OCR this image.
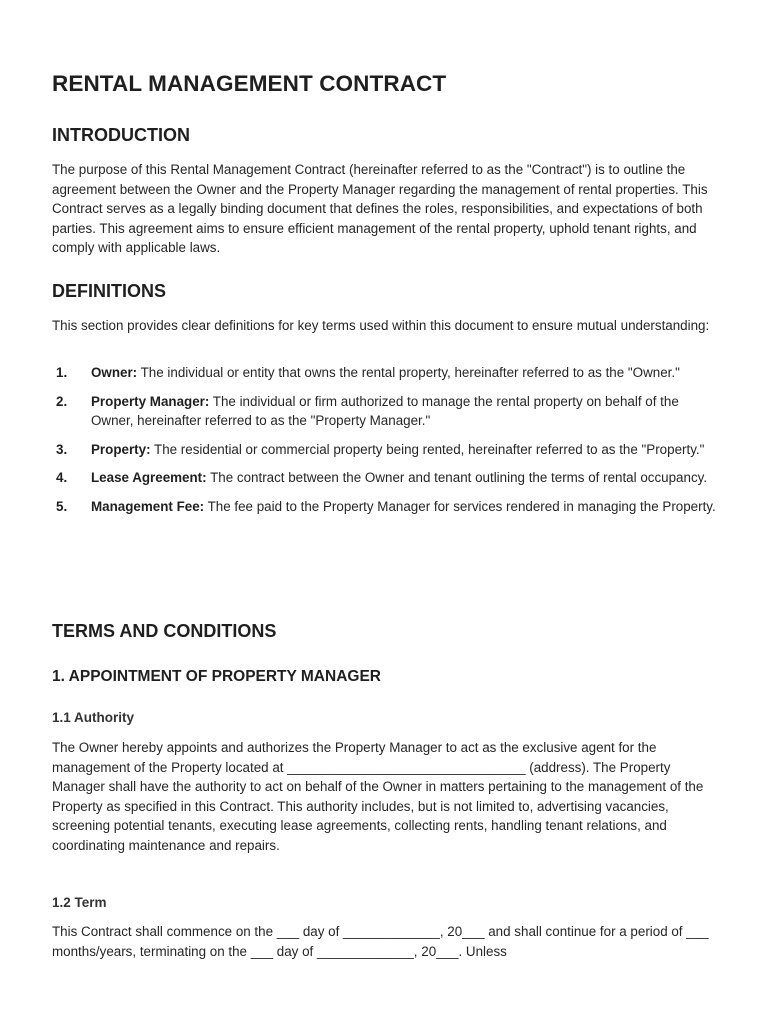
RENTAL MANAGEMENT CONTRACT
INTRODUCTION

The purpose of this Rental Management Contract (hereinafter referred to as the "Contract") is to outline the agreement between the Owner and the Property Manager regarding the management of rental properties. This Contract serves as a legally binding document that defines the roles, responsibilities, and expectations of both parties. This agreement aims to ensure efficient management of the rental property, uphold tenant rights, and comply with applicable laws.

DEFINITIONS

This section provides clear definitions for key terms used within this document to ensure mutual understanding:

1. Owner: The individual or entity that owns the rental property, hereinafter referred to as the "Owner."
2. Property Manager: The individual or firm authorized to manage the rental property on behalf of the Owner, hereinafter referred to as the "Property Manager."
3. Property: The residential or commercial property being rented, hereinafter referred to as the "Property."
4. Lease Agreement: The contract between the Owner and tenant outlining the terms of rental occupancy.
5. Management Fee: The fee paid to the Property Manager for services rendered in managing the Property.
TERMS AND CONDITIONS
1. APPOINTMENT OF PROPERTY MANAGER
1.1 Authority

The Owner hereby appoints and authorizes the Property Manager to act as the exclusive agent for the management of the Property located at ________________________________ (address). The Property Manager shall have the authority to act on behalf of the Owner in matters pertaining to the management of the Property as specified in this Contract. This authority includes, but is not limited to, advertising vacancies, screening potential tenants, executing lease agreements, collecting rents, handling tenant relations, and coordinating maintenance and repairs.

1.2 Term

This Contract shall commence on the ___ day of _____________, 20___ and shall continue for a period of ___ months/years, terminating on the ___ day of _____________, 20___. Unless
